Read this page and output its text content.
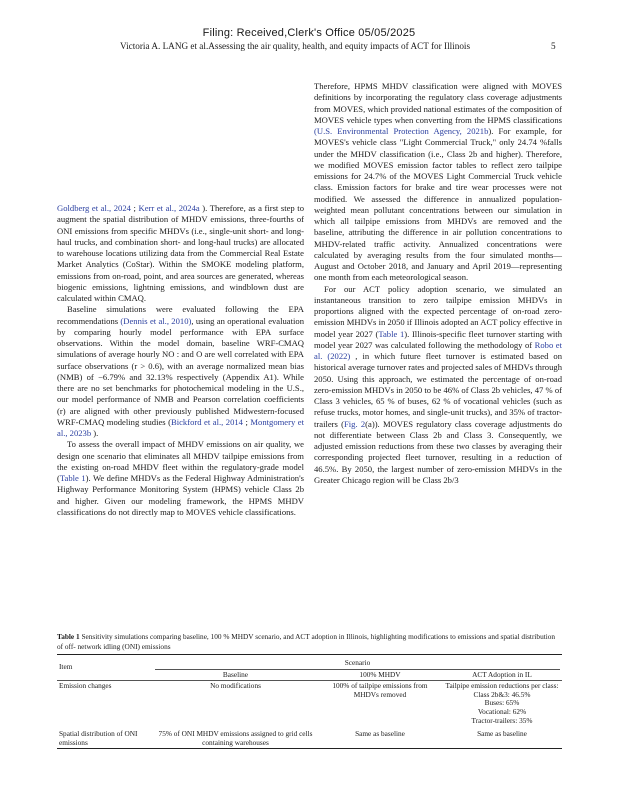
Filing: Received,Clerk's Office 05/05/2025
Victoria A. LANG et al.Assessing the air quality, health, and equity impacts of ACT for Illinois	5

Goldberg et al., 2024 ; Kerr et al., 2024a ). Therefore, as a first step to augment the spatial distribution of MHDV emissions, three-fourths of ONI emissions from specific MHDVs (i.e., single-unit short- and long-haul trucks, and combination short- and long-haul trucks) are allocated to warehouse locations utilizing data from the Commercial Real Estate Market Analytics (CoStar). Within the SMOKE modeling platform, emissions from on-road, point, and area sources are generated, whereas biogenic emissions, lightning emissions, and windblown dust are calculated within CMAQ.

Baseline simulations were evaluated following the EPA recommendations (Dennis et al., 2010), using an operational evaluation by comparing hourly model performance with EPA surface observations. Within the model domain, baseline WRF-CMAQ simulations of average hourly NO : and O are well correlated with EPA surface observations (r > 0.6), with an average normalized mean bias (NMB) of −6.79% and 32.13% respectively (Appendix A1). While there are no set benchmarks for photochemical modeling in the U.S., our model performance of NMB and Pearson correlation coefficients (r) are aligned with other previously published Midwestern-focused WRF-CMAQ modeling studies (Bickford et al., 2014 ; Montgomery et al., 2023b ).

To assess the overall impact of MHDV emissions on air quality, we design one scenario that eliminates all MHDV tailpipe emissions from the existing on-road MHDV fleet within the regulatory-grade model (Table 1). We define MHDVs as the Federal Highway Administration's Highway Performance Monitoring System (HPMS) vehicle Class 2b and higher. Given our modeling framework, the HPMS MHDV classifications do not directly map to MOVES vehicle classifications.

Therefore, HPMS MHDV classification were aligned with MOVES definitions by incorporating the regulatory class coverage adjustments from MOVES, which provided national estimates of the composition of MOVES vehicle types when converting from the HPMS classifications (U.S. Environmental Protection Agency, 2021b). For example, for MOVES's vehicle class "Light Commercial Truck," only 24.74 %falls under the MHDV classification (i.e., Class 2b and higher). Therefore, we modified MOVES emission factor tables to reflect zero tailpipe emissions for 24.7% of the MOVES Light Commercial Truck vehicle class. Emission factors for brake and tire wear processes were not modified. We assessed the difference in annualized population-weighted mean pollutant concentrations between our simulation in which all tailpipe emissions from MHDVs are removed and the baseline, attributing the difference in air pollution concentrations to MHDV-related traffic activity. Annualized concentrations were calculated by averaging results from the four simulated months—August and October 2018, and January and April 2019—representing one month from each meteorological season.

For our ACT policy adoption scenario, we simulated an instantaneous transition to zero tailpipe emission MHDVs in proportions aligned with the expected percentage of on-road zero-emission MHDVs in 2050 if Illinois adopted an ACT policy effective in model year 2027 (Table 1). Illinois-specific fleet turnover starting with model year 2027 was calculated following the methodology of Robo et al. (2022) , in which future fleet turnover is estimated based on historical average turnover rates and projected sales of MHDVs through 2050. Using this approach, we estimated the percentage of on-road zero-emission MHDVs in 2050 to be 46% of Class 2b vehicles, 47 % of Class 3 vehicles, 65 % of buses, 62 % of vocational vehicles (such as refuse trucks, motor homes, and single-unit trucks), and 35% of tractor-trailers (Fig. 2(a)). MOVES regulatory class coverage adjustments do not differentiate between Class 2b and Class 3. Consequently, we adjusted emission reductions from these two classes by averaging their corresponding projected fleet turnover, resulting in a reduction of 46.5%. By 2050, the largest number of zero-emission MHDVs in the Greater Chicago region will be Class 2b/3

Table 1 Sensitivity simulations comparing baseline, 100 % MHDV scenario, and ACT adoption in Illinois, highlighting modifications to emissions and spatial distribution of off- network idling (ONI) emissions
Item	Scenario		

	Baseline	100% MHDV	ACT Adoption in IL
Emission changes	No modifications	100% of tailpipe emissions from MHDVs removed	Tailpipe emission reductions per class:
Class 2b&3: 46.5%
Buses: 65%
Vocational: 62%
Tractor-trailers: 35%

Spatial distribution of ONI emissions	75% of ONI MHDV emissions assigned to grid cells containing warehouses	Same as baseline	Same as baseline
